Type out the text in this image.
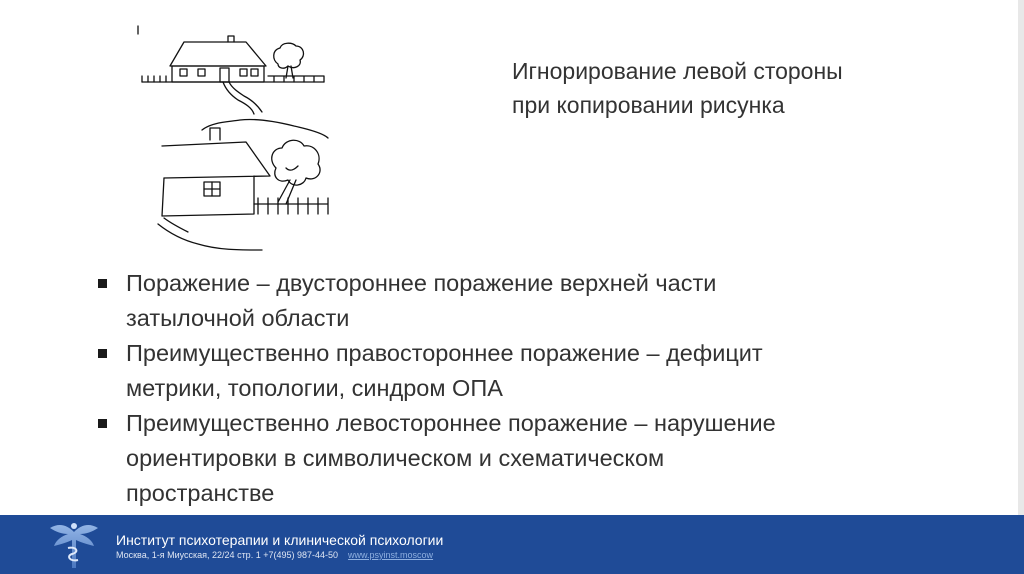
Игнорирование левой стороны
при копировании рисунка
Поражение – двустороннее поражение верхней части
затылочной области
Преимущественно правостороннее поражение – дефицит
метрики, топологии, синдром ОПА
Преимущественно левостороннее поражение – нарушение
ориентировки в символическом и схематическом
пространстве
Институт психотерапии и клинической психологии
Москва, 1-я Миусская, 22/24 стр. 1 +7(495) 987-44-50 www.psyinst.moscow
